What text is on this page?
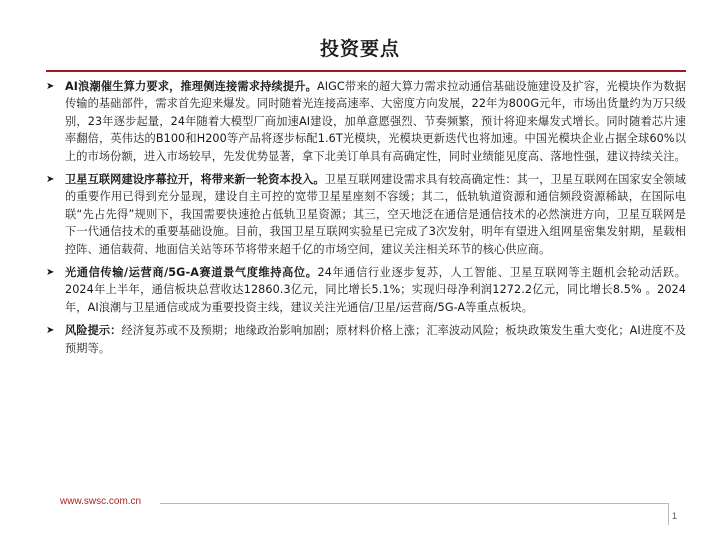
投资要点
➤ AI浪潮催生算力要求，推理侧连接需求持续提升。AIGC带来的超大算力需求拉动通信基础设施建设及扩容，光模块作为数据传输的基础部件，需求首先迎来爆发。同时随着光连接高速率、大密度方向发展，22年为800G元年，市场出货量约为万只级别，23年逐步起量，24年随着大模型厂商加速AI建设，加单意愿强烈、节奏频繁，预计将迎来爆发式增长。同时随着芯片速率翻倍，英伟达的B100和H200等产品将逐步标配1.6T光模块，光模块更新迭代也将加速。中国光模块企业占据全球60%以上的市场份额，进入市场较早，先发优势显著，拿下北美订单具有高确定性，同时业绩能见度高、落地性强，建议持续关注。
➤ 卫星互联网建设序幕拉开，将带来新一轮资本投入。卫星互联网建设需求具有较高确定性：其一，卫星互联网在国家安全领域的重要作用已得到充分显现，建设自主可控的宽带卫星星座刻不容缓；其二，低轨轨道资源和通信频段资源稀缺，在国际电联“先占先得”规则下，我国需要快速抢占低轨卫星资源；其三，空天地泛在通信是通信技术的必然演进方向，卫星互联网是下一代通信技术的重要基础设施。目前，我国卫星互联网实验星已完成了3次发射，明年有望进入组网星密集发射期，星载相控阵、通信载荷、地面信关站等环节将带来超千亿的市场空间，建议关注相关环节的核心供应商。
➤ 光通信传输/运营商/5G-A赛道景气度维持高位。24年通信行业逐步复苏，人工智能、卫星互联网等主题机会轮动活跃。2024年上半年，通信板块总营收达12860.3亿元，同比增长5.1%；实现归母净利润1272.2亿元，同比增长8.5% 。2024年，AI浪潮与卫星通信或成为重要投资主线，建议关注光通信/卫星/运营商/5G-A等重点板块。
➤ 风险提示：经济复苏或不及预期；地缘政治影响加剧；原材料价格上涨；汇率波动风险；板块政策发生重大变化；AI进度不及预期等。
www.swsc.com.cn
1
